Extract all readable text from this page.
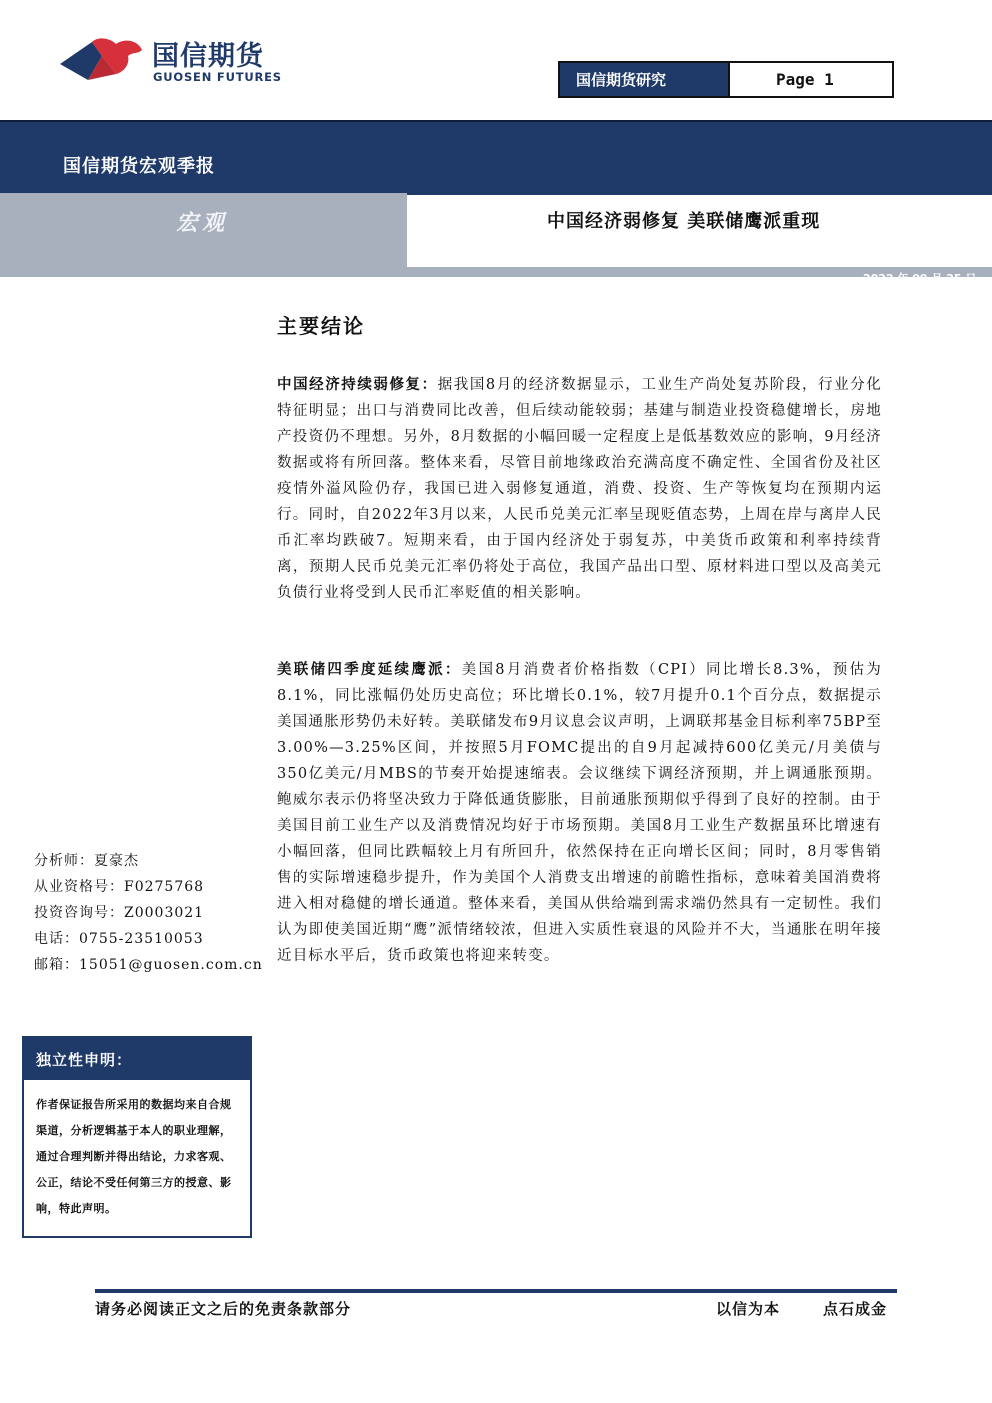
国信期货
GUOSEN FUTURES	国信期货研究	Page 1
国信期货宏观季报
宏观	中国经济弱修复 美联储鹰派重现
2022 年 09 月 25 日
主要结论
中国经济持续弱修复：据我国8月的经济数据显示，工业生产尚处复苏阶段，行业分化特征明显；出口与消费同比改善，但后续动能较弱；基建与制造业投资稳健增长，房地产投资仍不理想。另外，8月数据的小幅回暖一定程度上是低基数效应的影响，9月经济数据或将有所回落。整体来看，尽管目前地缘政治充满高度不确定性、全国省份及社区疫情外溢风险仍存，我国已进入弱修复通道，消费、投资、生产等恢复均在预期内运行。同时，自2022年3月以来，人民币兑美元汇率呈现贬值态势，上周在岸与离岸人民币汇率均跌破7。短期来看，由于国内经济处于弱复苏，中美货币政策和利率持续背离，预期人民币兑美元汇率仍将处于高位，我国产品出口型、原材料进口型以及高美元负债行业将受到人民币汇率贬值的相关影响。
美联储四季度延续鹰派：美国8月消费者价格指数（CPI）同比增长8.3%，预估为8.1%，同比涨幅仍处历史高位；环比增长0.1%，较7月提升0.1个百分点，数据提示美国通胀形势仍未好转。美联储发布9月议息会议声明，上调联邦基金目标利率75BP至3.00%—3.25%区间，并按照5月FOMC提出的自9月起减持600亿美元/月美债与350亿美元/月MBS的节奏开始提速缩表。会议继续下调经济预期，并上调通胀预期。鲍威尔表示仍将坚决致力于降低通货膨胀，目前通胀预期似乎得到了良好的控制。由于美国目前工业生产以及消费情况均好于市场预期。美国8月工业生产数据虽环比增速有小幅回落，但同比跌幅较上月有所回升，依然保持在正向增长区间；同时，8月零售销售的实际增速稳步提升，作为美国个人消费支出增速的前瞻性指标，意味着美国消费将进入相对稳健的增长通道。整体来看，美国从供给端到需求端仍然具有一定韧性。我们认为即使美国近期“鹰”派情绪较浓，但进入实质性衰退的风险并不大，当通胀在明年接近目标水平后，货币政策也将迎来转变。
分析师：夏豪杰
从业资格号：F0275768
投资咨询号：Z0003021
电话：0755-23510053
邮箱：15051@guosen.com.cn
独立性申明：
作者保证报告所采用的数据均来自合规渠道，分析逻辑基于本人的职业理解，通过合理判断并得出结论，力求客观、公正，结论不受任何第三方的授意、影响，特此声明。
请务必阅读正文之后的免责条款部分	以信为本	点石成金
